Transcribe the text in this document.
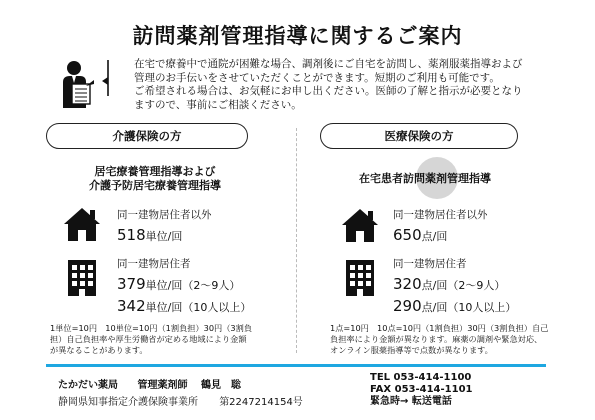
訪問薬剤管理指導に関するご案内

在宅で療養中で通院が困難な場合、調剤後にご自宅を訪問し、薬剤服薬指導および

管理のお手伝いをさせていただくことができます。短期のご利用も可能です。

ご希望される場合は、お気軽にお申し出ください。医師の了解と指示が必要となり

ますので、事前にご相談ください。

介護保険の方	医療保険の方
居宅療養管理指導および
介護予防居宅療養管理指導
同一建物居住者以外
518単位/回
同一建物居住者
379単位/回（2～9人）
342単位/回（10人以上）
1単位=10円　10単位=10円（1割負担）30円（3割負
担）自己負担率や厚生労働省が定める地域により金額
が異なることがあります。
在宅患者訪問薬剤管理指導
同一建物居住者以外
650点/回
同一建物居住者
320点/回（2～9人）
290点/回（10人以上）
1点=10円　10点=10円（1割負担）30円（3割負担）自己
負担率により金額が異なります。麻薬の調剤や緊急対応、
オンライン服薬指導等で点数が異なります。
たかだい薬局 管理薬剤師 鶴見　聡
静岡県知事指定介護保険事業所 第2247214154号
TEL 053-414-1100
FAX 053-414-1101
緊急時→ 転送電話
